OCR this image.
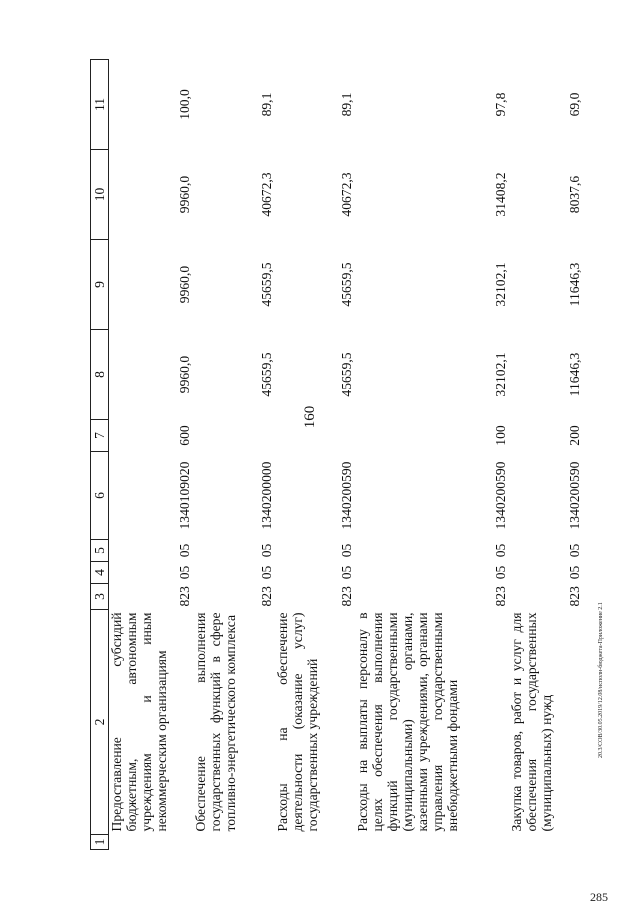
160
20.3/СОВ/30.05.2019/12.08/исполн-бюджета-Приложение 2.1
285
1	2	3	4	5	6	7	8	9	10	11
	Предоставление субсидий бюджетным, автономным учреждениям и иным некоммерческим организациям	823	05	05	1340109020	600	9960,0	9960,0	9960,0	100,0
	Обеспечение выполнения государственных функций в сфере топливно-энергетического комплекса	823	05	05	1340200000		45659,5	45659,5	40672,3	89,1
	Расходы на обеспечение деятельности (оказание услуг) государственных учреждений	823	05	05	1340200590		45659,5	45659,5	40672,3	89,1
	Расходы на выплаты персоналу в целях обеспечения выполнения функций государственными (муниципальными) органами, казенными учреждениями, органами управления государственными внебюджетными фондами	823	05	05	1340200590	100	32102,1	32102,1	31408,2	97,8
	Закупка товаров, работ и услуг для обеспечения государственных (муниципальных) нужд	823	05	05	1340200590	200	11646,3	11646,3	8037,6	69,0
